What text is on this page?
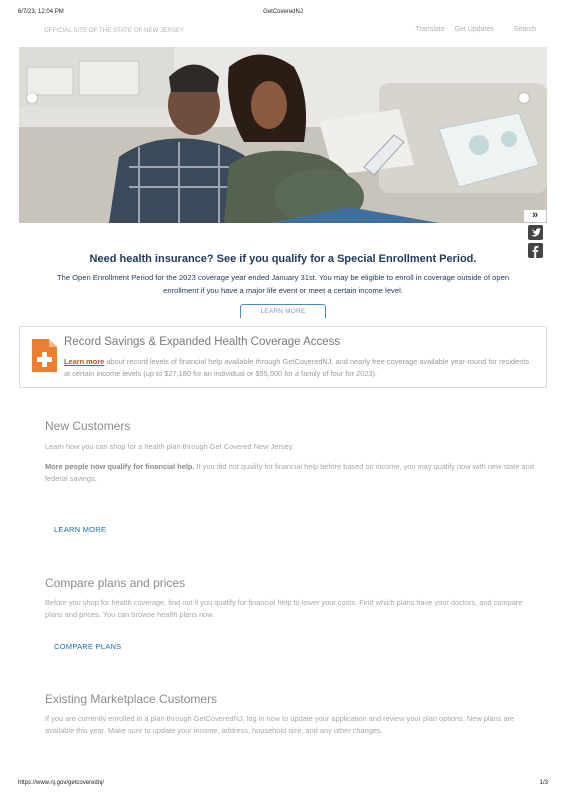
6/7/23, 12:04 PM	GetCoveredNJ
OFFICIAL SITE OF THE STATE OF NEW JERSEY	Translate Get Updates	Search
»
Need health insurance? See if you qualify for a Special Enrollment Period.
The Open Enrollment Period for the 2023 coverage year ended January 31st. You may be eligible to enroll in coverage outside of open enrollment if you have a major life event or meet a certain income level.
LEARN MORE
Record Savings & Expanded Health Coverage Access

Learn more about record levels of financial help available through GetCoveredNJ, and nearly free coverage available year-round for residents at certain income levels (up to $27,180 for an individual or $55,500 for a family of four for 2023).

New Customers

Learn how you can shop for a health plan through Get Covered New Jersey.

More people now qualify for financial help. If you did not qualify for financial help before based on income, you may qualify now with new state and federal savings.

LEARN MORE
Compare plans and prices

Before you shop for health coverage, find out if you qualify for financial help to lower your costs. Find which plans have your doctors, and compare plans and prices. You can browse health plans now.

COMPARE PLANS
Existing Marketplace Customers

If you are currently enrolled in a plan through GetCoveredNJ, log in now to update your application and review your plan options. New plans are available this year. Make sure to update your income, address, household size, and any other changes.

https://www.nj.gov/getcoverednj/	1/3
